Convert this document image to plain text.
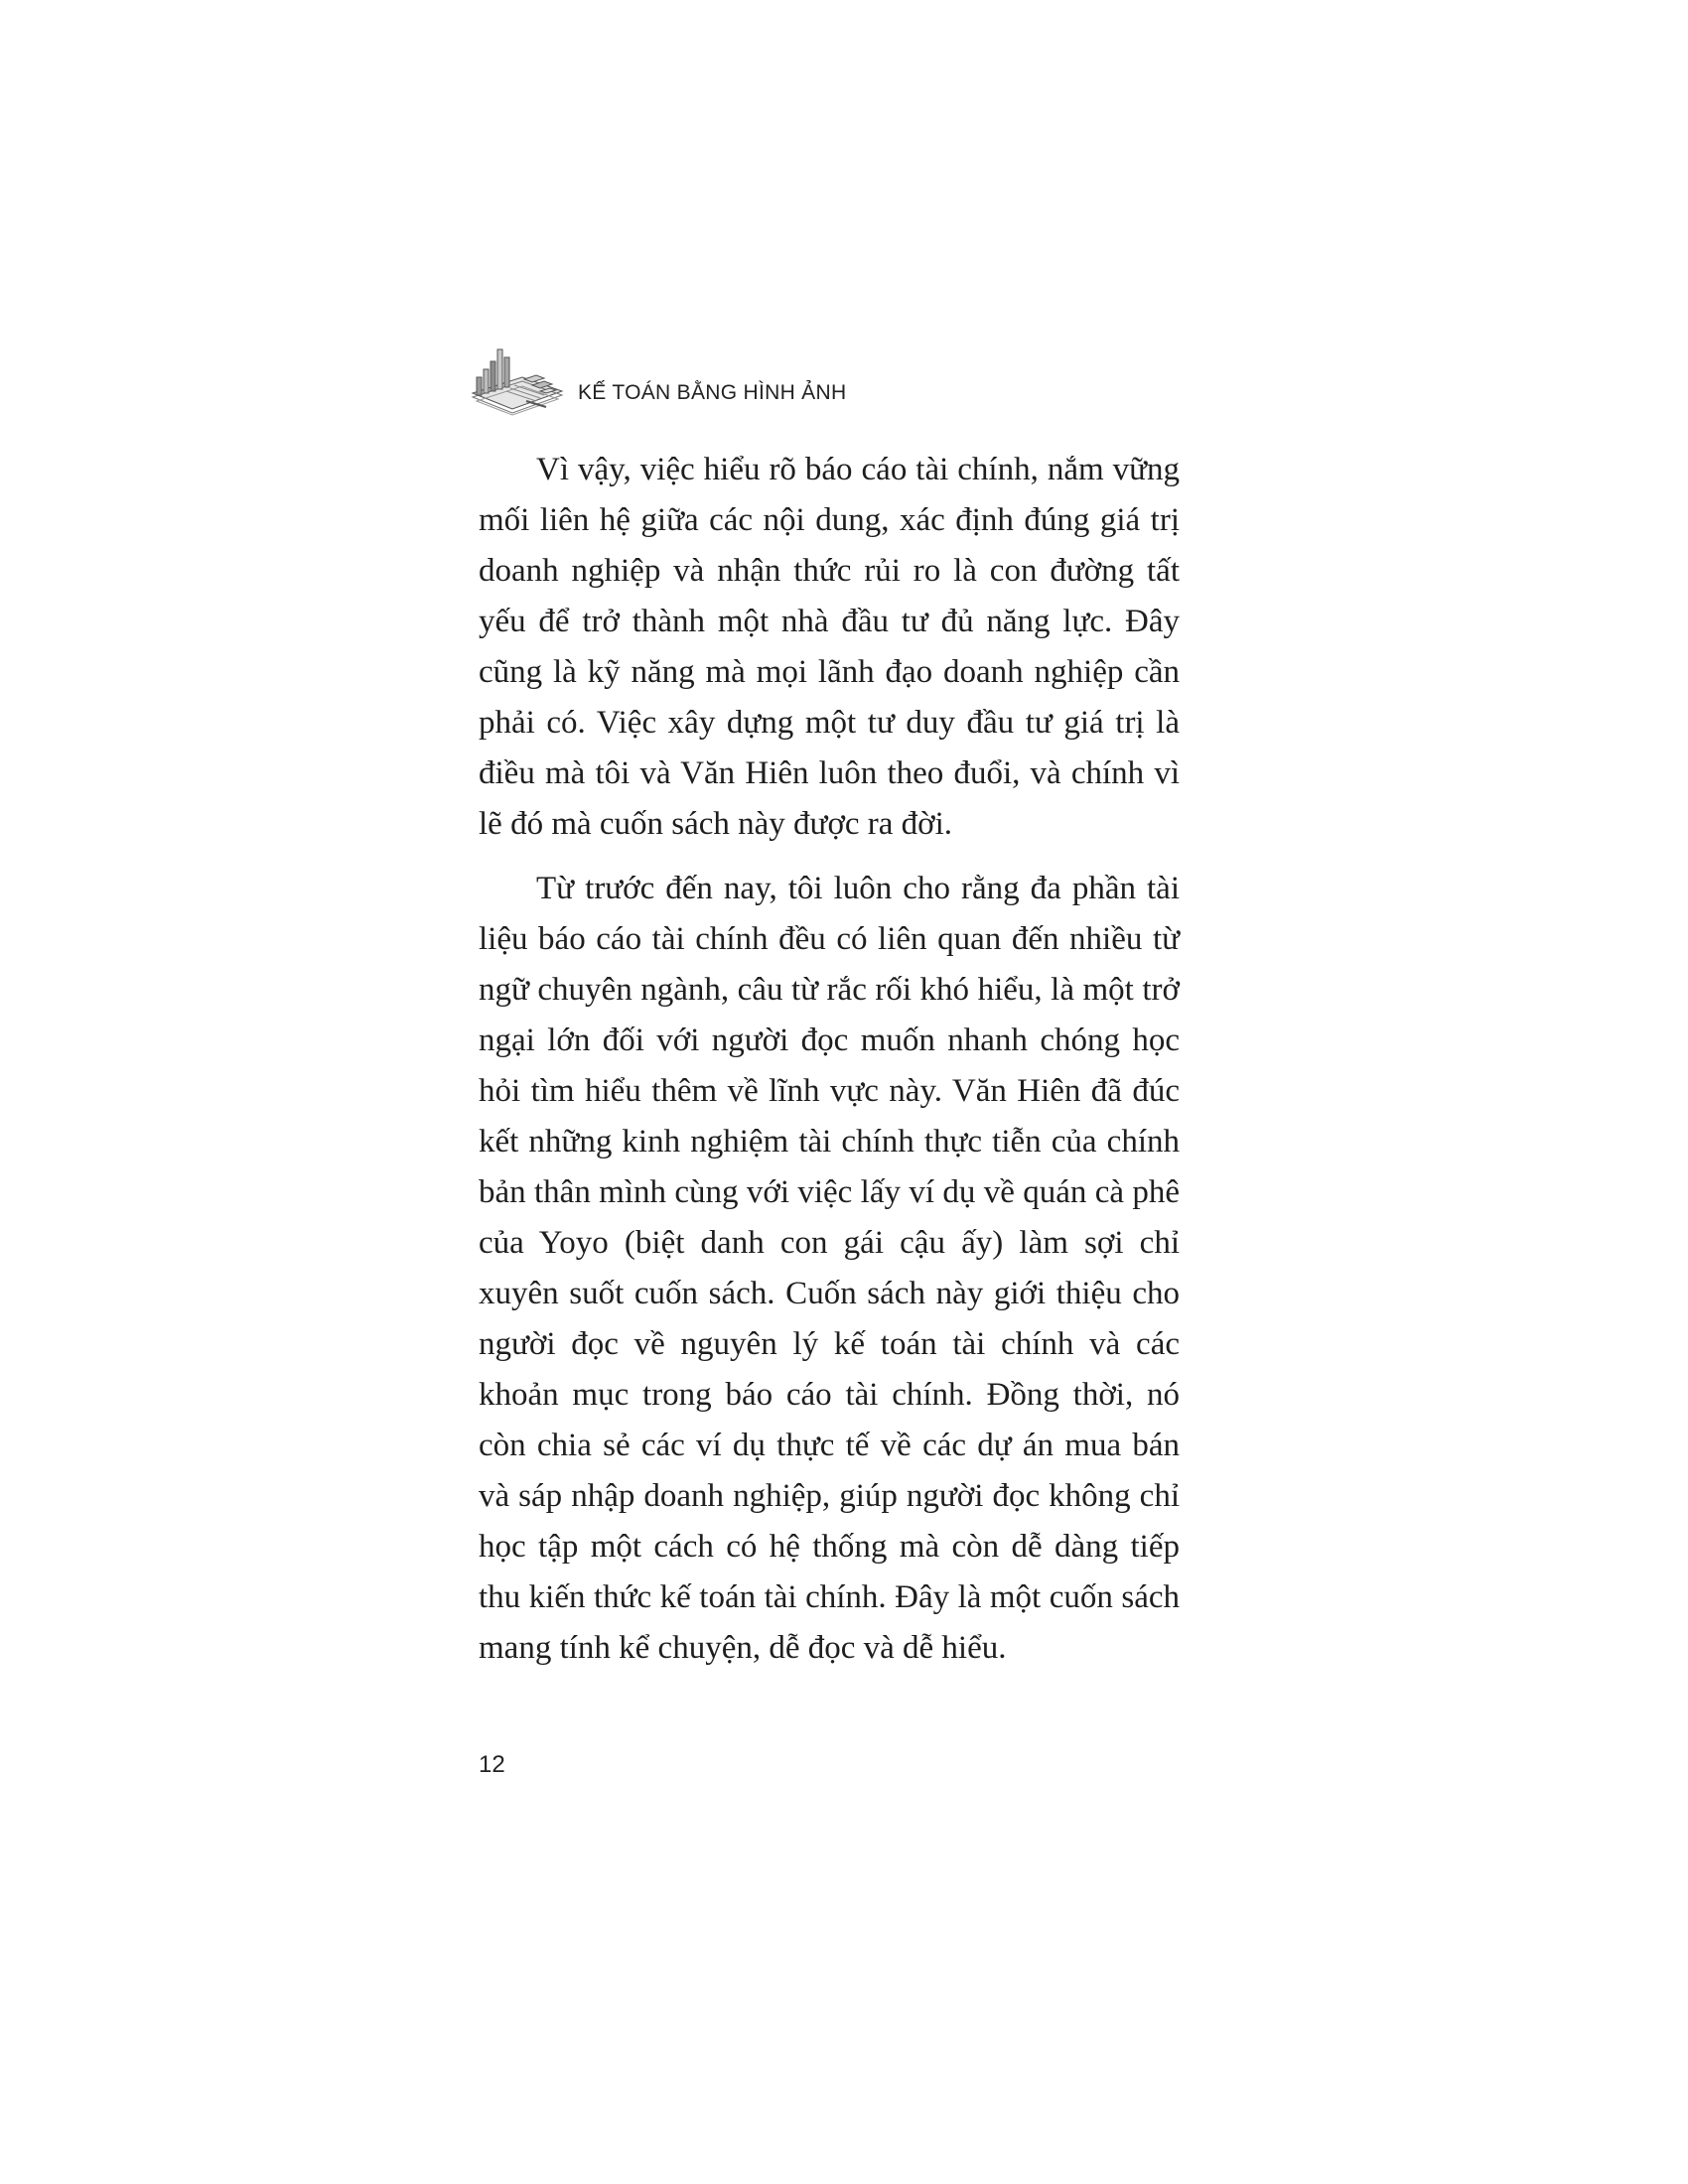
KẾ TOÁN BẰNG HÌNH ẢNH

Vì vậy, việc hiểu rõ báo cáo tài chính, nắm vững mối liên hệ giữa các nội dung, xác định đúng giá trị doanh nghiệp và nhận thức rủi ro là con đường tất yếu để trở thành một nhà đầu tư đủ năng lực. Đây cũng là kỹ năng mà mọi lãnh đạo doanh nghiệp cần phải có. Việc xây dựng một tư duy đầu tư giá trị là điều mà tôi và Văn Hiên luôn theo đuổi, và chính vì lẽ đó mà cuốn sách này được ra đời.

Từ trước đến nay, tôi luôn cho rằng đa phần tài liệu báo cáo tài chính đều có liên quan đến nhiều từ ngữ chuyên ngành, câu từ rắc rối khó hiểu, là một trở ngại lớn đối với người đọc muốn nhanh chóng học hỏi tìm hiểu thêm về lĩnh vực này. Văn Hiên đã đúc kết những kinh nghiệm tài chính thực tiễn của chính bản thân mình cùng với việc lấy ví dụ về quán cà phê của Yoyo (biệt danh con gái cậu ấy) làm sợi chỉ xuyên suốt cuốn sách. Cuốn sách này giới thiệu cho người đọc về nguyên lý kế toán tài chính và các khoản mục trong báo cáo tài chính. Đồng thời, nó còn chia sẻ các ví dụ thực tế về các dự án mua bán và sáp nhập doanh nghiệp, giúp người đọc không chỉ học tập một cách có hệ thống mà còn dễ dàng tiếp thu kiến thức kế toán tài chính. Đây là một cuốn sách mang tính kể chuyện, dễ đọc và dễ hiểu.

12
